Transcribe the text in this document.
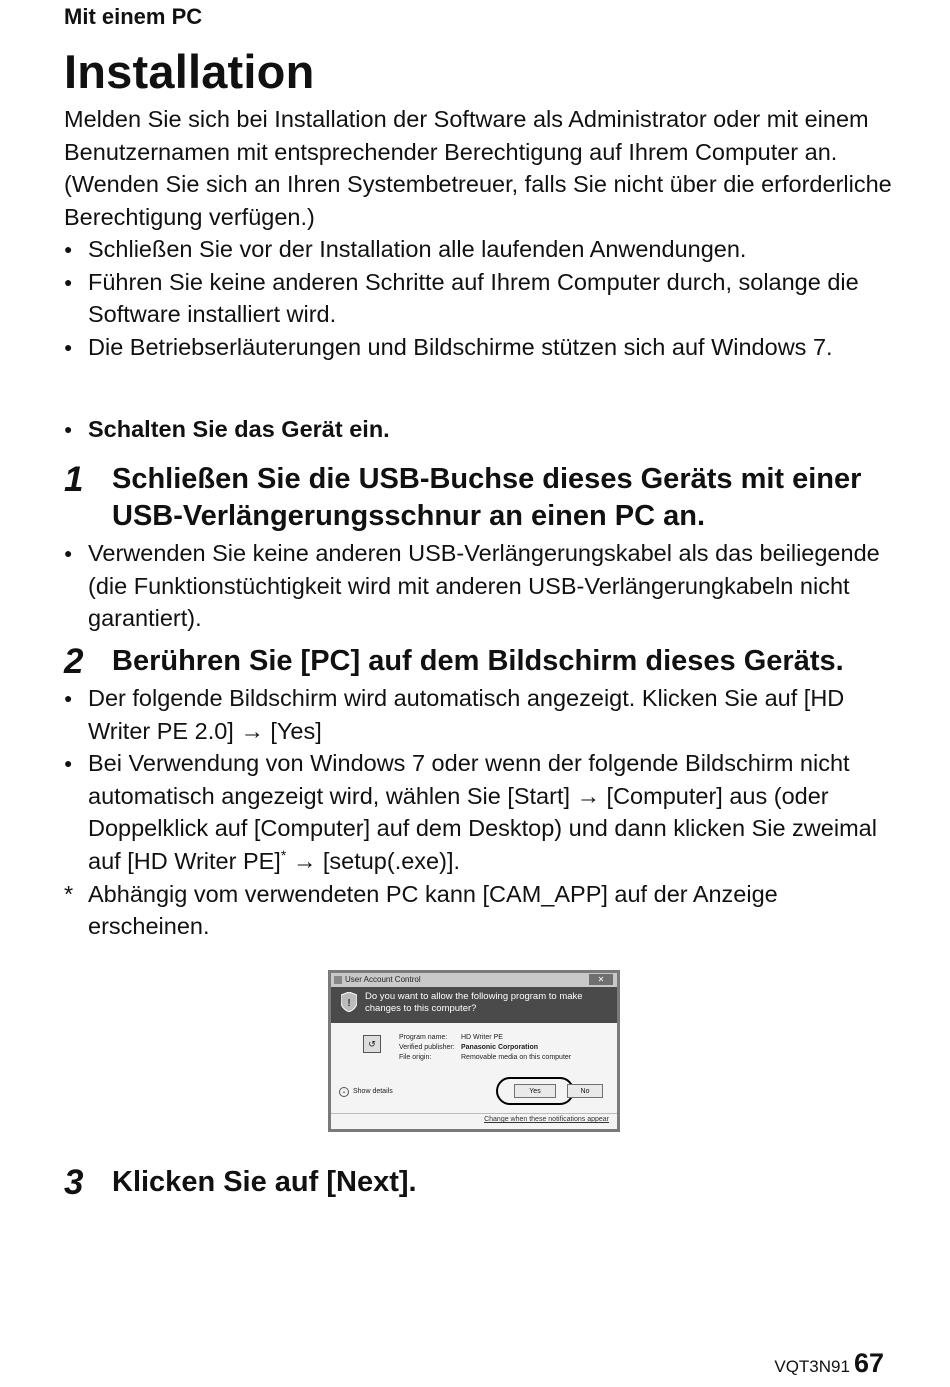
Mit einem PC
Installation

Melden Sie sich bei Installation der Software als Administrator oder mit einem Benutzernamen mit entsprechender Berechtigung auf Ihrem Computer an. (Wenden Sie sich an Ihren Systembetreuer, falls Sie nicht über die erforderliche Berechtigung verfügen.)

● Schließen Sie vor der Installation alle laufenden Anwendungen.

● Führen Sie keine anderen Schritte auf Ihrem Computer durch, solange die Software installiert wird.

● Die Betriebserläuterungen und Bildschirme stützen sich auf Windows 7.

● Schalten Sie das Gerät ein.

1 Schließen Sie die USB-Buchse dieses Geräts mit einer USB-Verlängerungsschnur an einen PC an.

● Verwenden Sie keine anderen USB-Verlängerungskabel als das beiliegende (die Funktionstüchtigkeit wird mit anderen USB-Verlängerungkabeln nicht garantiert).

2 Berühren Sie [PC] auf dem Bildschirm dieses Geräts.

● Der folgende Bildschirm wird automatisch angezeigt. Klicken Sie auf [HD Writer PE 2.0] → [Yes]

● Bei Verwendung von Windows 7 oder wenn der folgende Bildschirm nicht automatisch angezeigt wird, wählen Sie [Start] → [Computer] aus (oder Doppelklick auf [Computer] auf dem Desktop) und dann klicken Sie zweimal auf [HD Writer PE]* → [setup(.exe)].

* Abhängig vom verwendeten PC kann [CAM_APP] auf der Anzeige erscheinen.

3 Klicken Sie auf [Next].
User Account Control	✕
!
Do you want to allow the following program to make changes to this computer?
↺
Program name:	HD Writer PE
Verified publisher: Panasonic Corporation
File origin:	Removable media on this computer
⌄ Show details	Yes	No
Change when these notifications appear
VQT3N91 67
